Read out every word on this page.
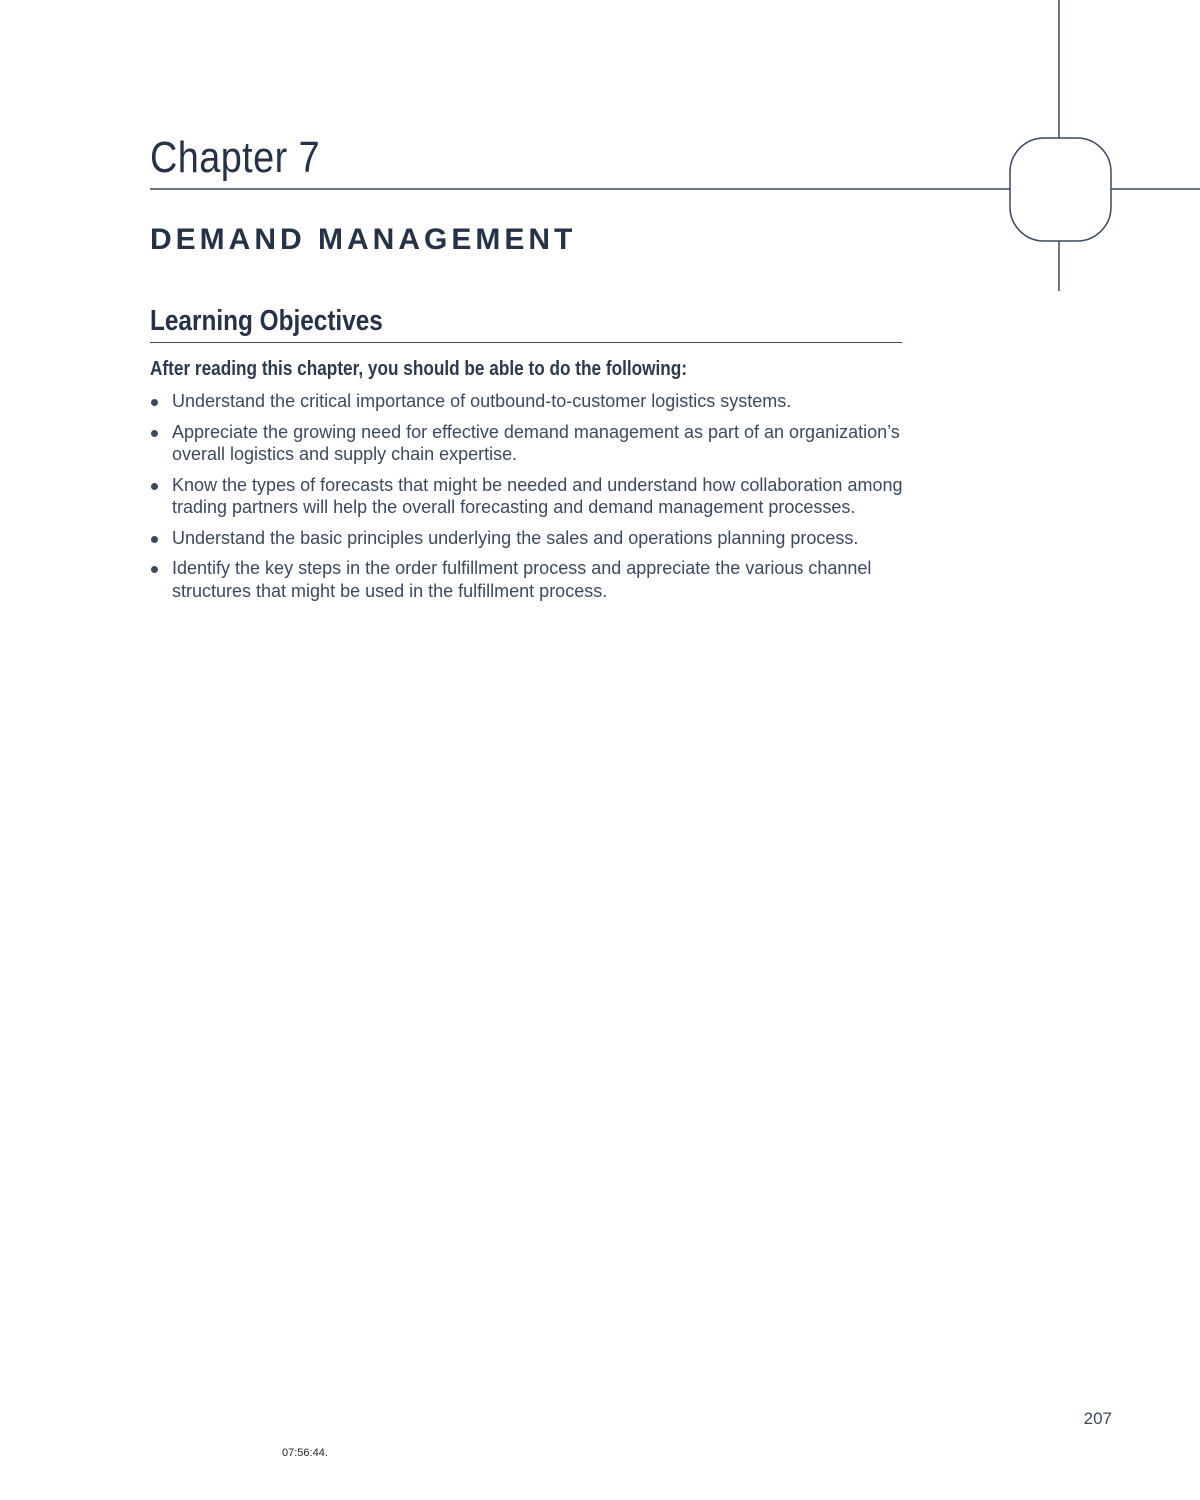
Chapter 7
DEMAND MANAGEMENT
Learning Objectives
After reading this chapter, you should be able to do the following:
Understand the critical importance of outbound-to-customer logistics systems.
Appreciate the growing need for effective demand management as part of an organization’s overall logistics and supply chain expertise.
Know the types of forecasts that might be needed and understand how collaboration among trading partners will help the overall forecasting and demand management processes.
Understand the basic principles underlying the sales and operations planning process.
Identify the key steps in the order fulfillment process and appreciate the various channel structures that might be used in the fulfillment process.
207
07:56:44.
